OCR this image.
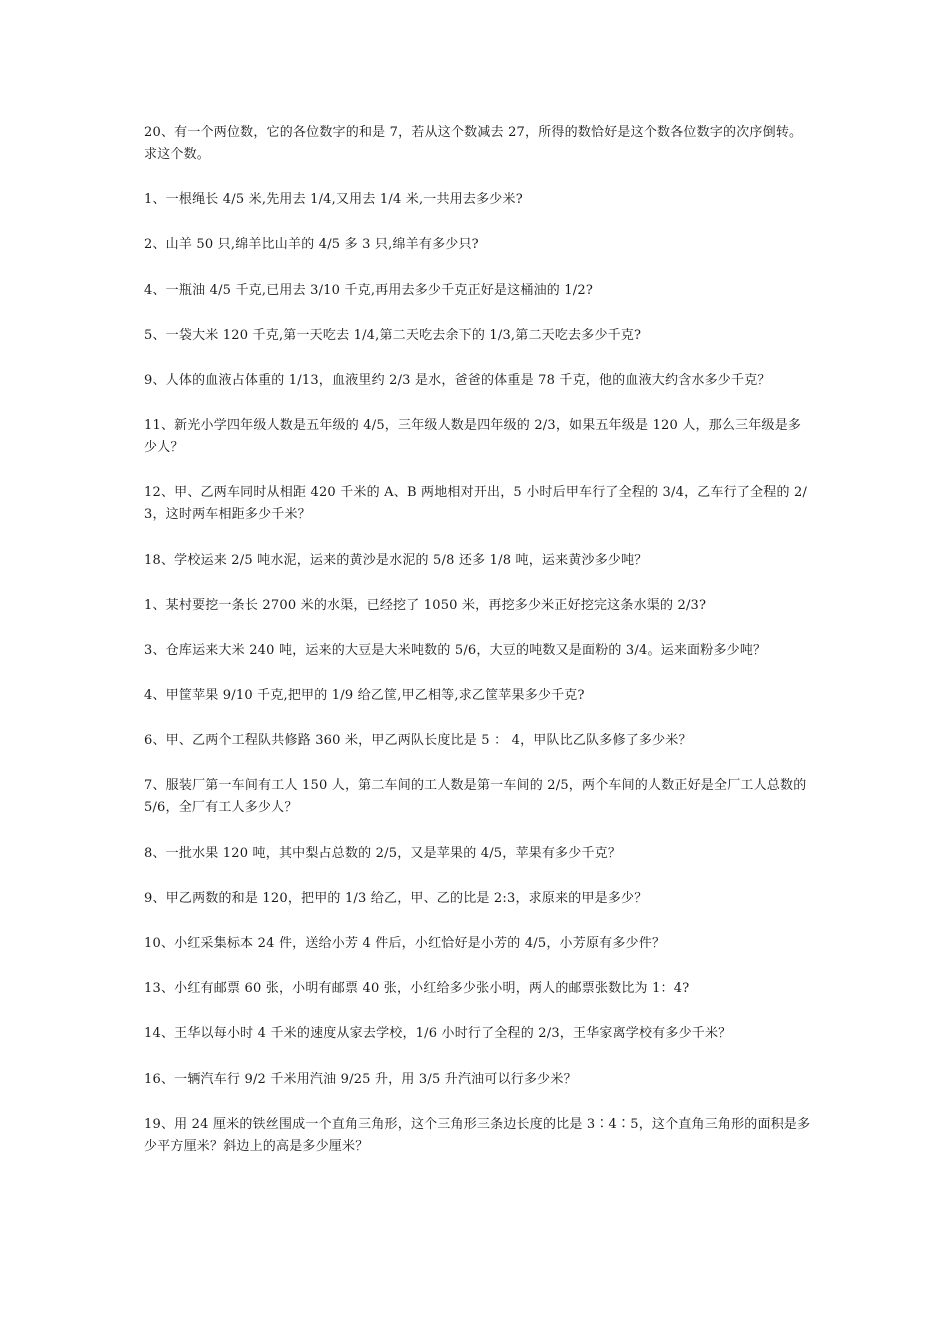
20、有一个两位数，它的各位数字的和是 7，若从这个数减去 27，所得的数恰好是这个数各位数字的次序倒转。求这个数。
1、一根绳长 4/5 米,先用去 1/4,又用去 1/4 米,一共用去多少米?
2、山羊 50 只,绵羊比山羊的 4/5 多 3 只,绵羊有多少只?
4、一瓶油 4/5 千克,已用去 3/10 千克,再用去多少千克正好是这桶油的 1/2?
5、一袋大米 120 千克,第一天吃去 1/4,第二天吃去余下的 1/3,第二天吃去多少千克?
9、人体的血液占体重的 1/13，血液里约 2/3 是水，爸爸的体重是 78 千克，他的血液大约含水多少千克？
11、新光小学四年级人数是五年级的 4/5，三年级人数是四年级的 2/3，如果五年级是 120 人，那么三年级是多少人？
12、甲、乙两车同时从相距 420 千米的 A、B 两地相对开出，5 小时后甲车行了全程的 3/4，乙车行了全程的 2/3，这时两车相距多少千米？
18、学校运来 2/5 吨水泥，运来的黄沙是水泥的 5/8 还多 1/8 吨，运来黄沙多少吨？
1、某村要挖一条长 2700 米的水渠，已经挖了 1050 米，再挖多少米正好挖完这条水渠的 2/3?
3、仓库运来大米 240 吨，运来的大豆是大米吨数的 5/6，大豆的吨数又是面粉的 3/4。运来面粉多少吨？
4、甲筐苹果 9/10 千克,把甲的 1/9 给乙筐,甲乙相等,求乙筐苹果多少千克?
6、甲、乙两个工程队共修路 360 米，甲乙两队长度比是 5 ： 4，甲队比乙队多修了多少米？
7、服装厂第一车间有工人 150 人，第二车间的工人数是第一车间的 2/5，两个车间的人数正好是全厂工人总数的 5/6，全厂有工人多少人？
8、一批水果 120 吨，其中梨占总数的 2/5，又是苹果的 4/5，苹果有多少千克？
9、甲乙两数的和是 120，把甲的 1/3 给乙，甲、乙的比是 2:3，求原来的甲是多少？
10、小红采集标本 24 件，送给小芳 4 件后，小红恰好是小芳的 4/5，小芳原有多少件？
13、小红有邮票 60 张，小明有邮票 40 张，小红给多少张小明，两人的邮票张数比为 1：4?
14、王华以每小时 4 千米的速度从家去学校，1/6 小时行了全程的 2/3，王华家离学校有多少千米？
16、一辆汽车行 9/2 千米用汽油 9/25 升，用 3/5 升汽油可以行多少米？
19、用 24 厘米的铁丝围成一个直角三角形，这个三角形三条边长度的比是 3∶4∶5，这个直角三角形的面积是多少平方厘米？斜边上的高是多少厘米？
